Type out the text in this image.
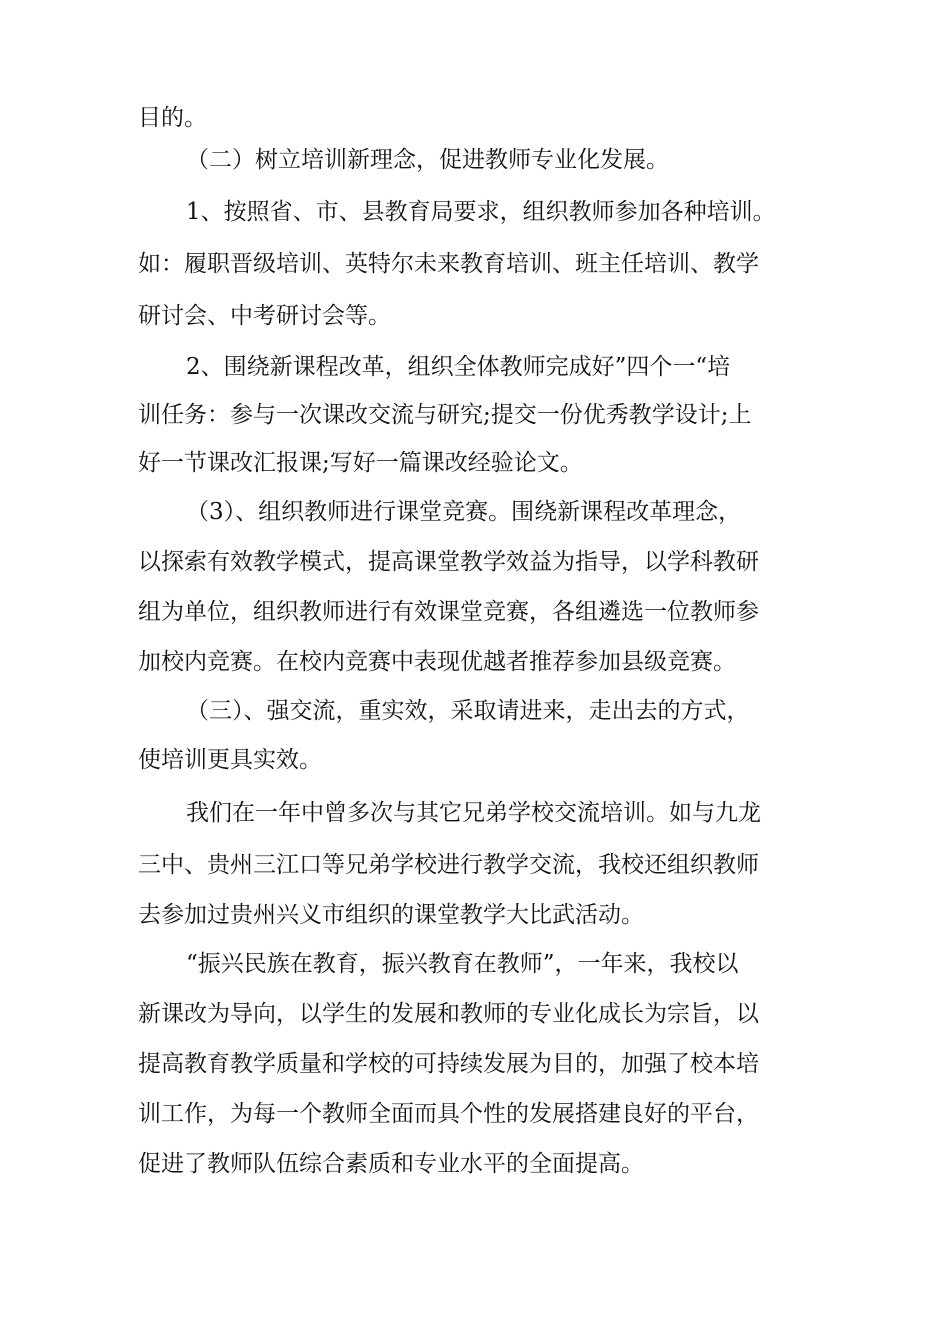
目的。
（二）树立培训新理念，促进教师专业化发展。
1、按照省、市、县教育局要求，组织教师参加各种培训。
如：履职晋级培训、英特尔未来教育培训、班主任培训、教学
研讨会、中考研讨会等。
2、围绕新课程改革，组织全体教师完成好”四个一“培
训任务：参与一次课改交流与研究;提交一份优秀教学设计;上
好一节课改汇报课;写好一篇课改经验论文。
（3）、组织教师进行课堂竞赛。围绕新课程改革理念，
以探索有效教学模式，提高课堂教学效益为指导，以学科教研
组为单位，组织教师进行有效课堂竞赛，各组遴选一位教师参
加校内竞赛。在校内竞赛中表现优越者推荐参加县级竞赛。
（三）、强交流，重实效，采取请进来，走出去的方式，
使培训更具实效。
我们在一年中曾多次与其它兄弟学校交流培训。如与九龙
三中、贵州三江口等兄弟学校进行教学交流，我校还组织教师
去参加过贵州兴义市组织的课堂教学大比武活动。
“振兴民族在教育，振兴教育在教师”，一年来，我校以
新课改为导向，以学生的发展和教师的专业化成长为宗旨，以
提高教育教学质量和学校的可持续发展为目的，加强了校本培
训工作，为每一个教师全面而具个性的发展搭建良好的平台，
促进了教师队伍综合素质和专业水平的全面提高。
